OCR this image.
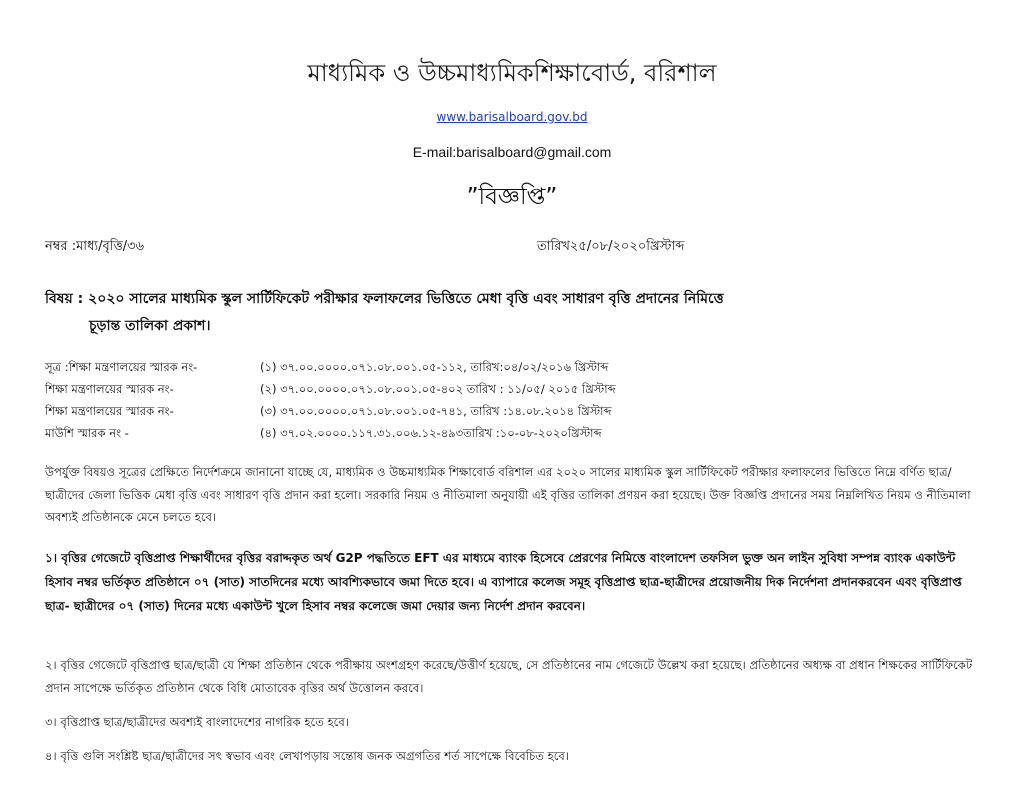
মাধ্যমিক ও উচ্চমাধ্যমিকশিক্ষাবোর্ড, বরিশাল
www.barisalboard.gov.bd
E-mail:barisalboard@gmail.com
”বিজ্ঞপ্তি”
নম্বর :মাধ্য/বৃত্তি/৩৬	তারিখ২৫/০৮/২০২০খ্রিস্টাব্দ
বিষয় : ২০২০ সালের মাধ্যমিক স্কুল সার্টিফিকেট পরীক্ষার ফলাফলের ভিত্তিতে মেধা বৃত্তি এবং সাধারণ বৃত্তি প্রদানের নিমিত্তে
চূড়ান্ত তালিকা প্রকাশ।
সূত্র :শিক্ষা মন্ত্রণালয়ের স্মারক নং-	(১) ৩৭.০০.০০০০.০৭১.০৮.০০১.০৫-১১২, তারিখ:০৪/০২/২০১৬ খ্রিস্টাব্দ
শিক্ষা মন্ত্রণালয়ের স্মারক নং-	(২) ৩৭.০০.০০০০.০৭১.০৮.০০১.০৫-৪০২ তারিখ : ১১/০৫/ ২০১৫ খ্রিস্টাব্দ
শিক্ষা মন্ত্রণালয়ের স্মারক নং-	(৩) ৩৭.০০.০০০০.০৭১.০৮.০০১.০৫-৭৪১, তারিখ :১৪.০৮.২০১৪ খ্রিস্টাব্দ
মাউশি স্মারক নং -	(৪) ৩৭.০২.০০০০.১১৭.৩১.০০৬.১২-৪৯৩তারিখ :১০-০৮-২০২০খ্রিস্টাব্দ
উপর্যুক্ত বিষয়ও সূত্রের প্রেক্ষিতে নির্দেশক্রমে জানানো যাচ্ছে যে, মাধ্যমিক ও উচ্চমাধ্যমিক শিক্ষাবোর্ড বরিশাল এর ২০২০ সালের মাধ্যমিক স্কুল সার্টিফিকেট পরীক্ষার ফলাফলের ভিত্তিতে নিম্নে বর্ণিত ছাত্র/ছাত্রীদের জেলা ভিত্তিক মেধা বৃত্তি এবং সাধারণ বৃত্তি প্রদান করা হলো। সরকারি নিয়ম ও নীতিমালা অনুযায়ী এই বৃত্তির তালিকা প্রণয়ন করা হয়েছে। উক্ত বিজ্ঞপ্তি প্রদানের সময় নিম্নলিখিত নিয়ম ও নীতিমালা অবশ্যই প্রতিষ্ঠানকে মেনে চলতে হবে।
১। বৃত্তির গেজেটে বৃত্তিপ্রাপ্ত শিক্ষার্থীদের বৃত্তির বরাদ্দকৃত অর্থ G2P পদ্ধতিতে EFT এর মাধ্যমে ব্যাংক হিসেবে প্রেরণের নিমিত্তে বাংলাদেশ তফসিল ভুক্ত অন লাইন সুবিধা সম্পন্ন ব্যাংক একাউন্ট হিসাব নম্বর ভর্তিকৃত প্রতিষ্ঠানে ০৭ (সাত) সাতদিনের মধ্যে আবশ্যিকভাবে জমা দিতে হবে। এ ব্যাপারে কলেজ সমূহ বৃত্তিপ্রাপ্ত ছাত্র-ছাত্রীদের প্রয়োজনীয় দিক নির্দেশনা প্রদানকরবেন এবং বৃত্তিপ্রাপ্ত ছাত্র- ছাত্রীদের ০৭ (সাত) দিনের মধ্যে একাউন্ট খুলে হিসাব নম্বর কলেজে জমা দেয়ার জন্য নির্দেশ প্রদান করবেন।
২। বৃত্তির গেজেটে বৃত্তিপ্রাপ্ত ছাত্র/ছাত্রী যে শিক্ষা প্রতিষ্ঠান থেকে পরীক্ষায় অংশগ্রহণ করেছে/উত্তীর্ণ হয়েছে, সে প্রতিষ্ঠানের নাম গেজেটে উল্লেখ করা হয়েছে। প্রতিষ্ঠানের অধ্যক্ষ বা প্রধান শিক্ষকের সার্টিফিকেট প্রদান সাপেক্ষে ভর্তিকৃত প্রতিষ্ঠান থেকে বিধি মোতাবেক বৃত্তির অর্থ উত্তোলন করবে।
৩। বৃত্তিপ্রাপ্ত ছাত্র/ছাত্রীদের অবশ্যই বাংলাদেশের নাগরিক হতে হবে।
৪। বৃত্তি গুলি সংশ্লিষ্ট ছাত্র/ছাত্রীদের সৎ স্বভাব এবং লেখাপড়ায় সন্তোষ জনক অগ্রগতির শর্ত সাপেক্ষে বিবেচিত হবে।
